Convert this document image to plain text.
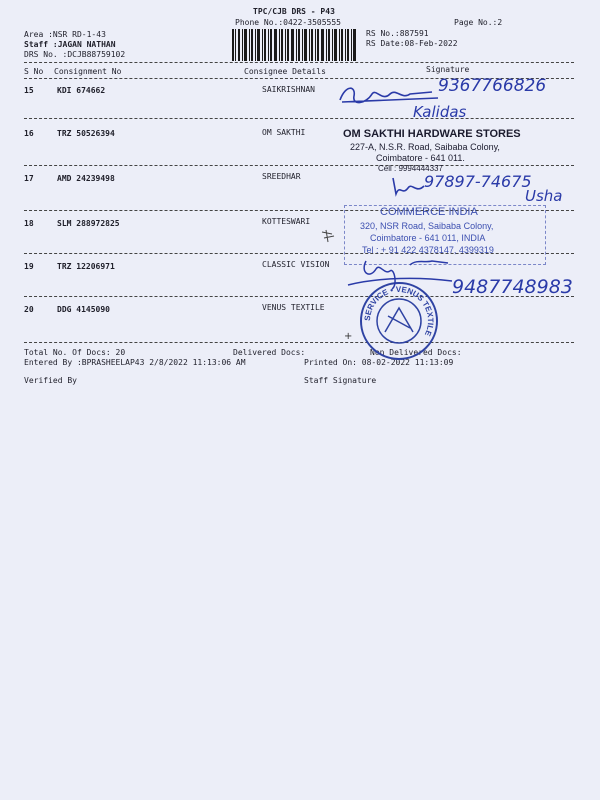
TPC/CJB DRS - P43
Phone No.:0422-3505555	Page No.:2
Area :NSR RD-1-43
Staff :JAGAN NATHAN
DRS No. :DCJB88759102
RS No.:887591
RS Date:08-Feb-2022
S No Consignment No	Consignee Details	Signature
15	KDI 674662	SAIKRISHNAN
16	TRZ 50526394	OM SAKTHI
17	AMD 24239498	SREEDHAR
18	SLM 288972825	KOTTESWARI
19	TRZ 12206971	CLASSIC VISION
20	DDG 4145090	VENUS TEXTILE
Total No. Of Docs: 20	Delivered Docs:	Non Delivered Docs:
Entered By :BPRASHEELAP43 2/8/2022 11:13:06 AM	Printed On: 08-02-2022 11:13:09
Verified By	Staff Signature
OM SAKTHI HARDWARE STORES
227-A, N.S.R. Road, Saibaba Colony,
Coimbatore - 641 011.
Cell : 9994444337
COMMERCE INDIA
320, NSR Road, Saibaba Colony,
Coimbatore - 641 011, INDIA
Tel : + 91 422 4378147, 4399319
SERVICE • VENUS TEXTILE
9367766826
Kalidas
97897-74675
Usha
9487748983
+
